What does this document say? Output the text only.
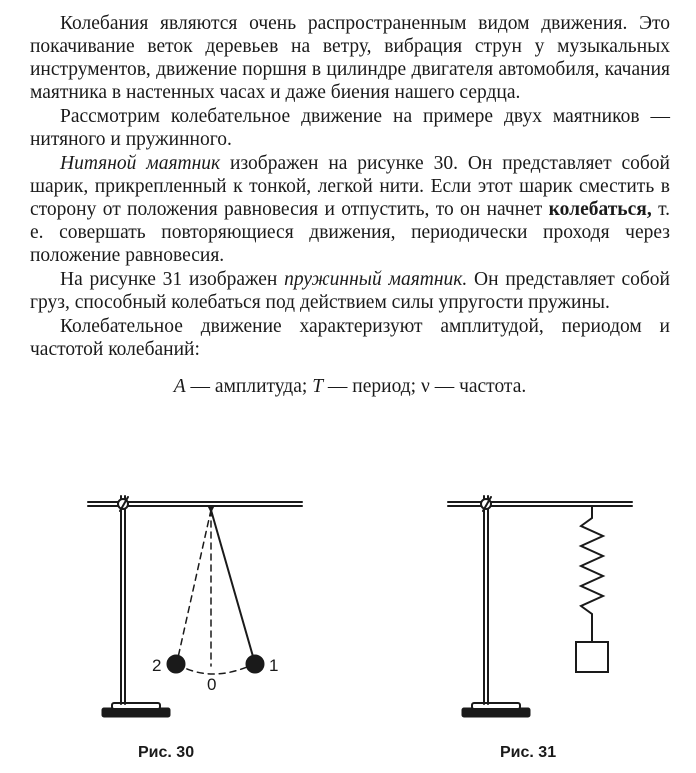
Колебания являются очень распространенным видом движения. Это покачивание веток деревьев на ветру, вибрация струн у музыкальных инструментов, движение поршня в цилиндре двигателя автомобиля, качания маятника в настенных часах и даже биения нашего сердца.

Рассмотрим колебательное движение на примере двух маятников — нитяного и пружинного.

Нитяной маятник изображен на рисунке 30. Он представляет собой шарик, прикрепленный к тонкой, легкой нити. Если этот шарик сместить в сторону от положения равновесия и отпустить, то он начнет колебаться, т. е. совершать повторяющиеся движения, периодически проходя через положение равновесия.

На рисунке 31 изображен пружинный маятник. Он представляет собой груз, способный колебаться под действием силы упругости пружины.

Колебательное движение характеризуют амплитудой, периодом и частотой колебаний:

A — амплитуда; T — период; ν — частота.
2
0
1
Рис. 30	Рис. 31
